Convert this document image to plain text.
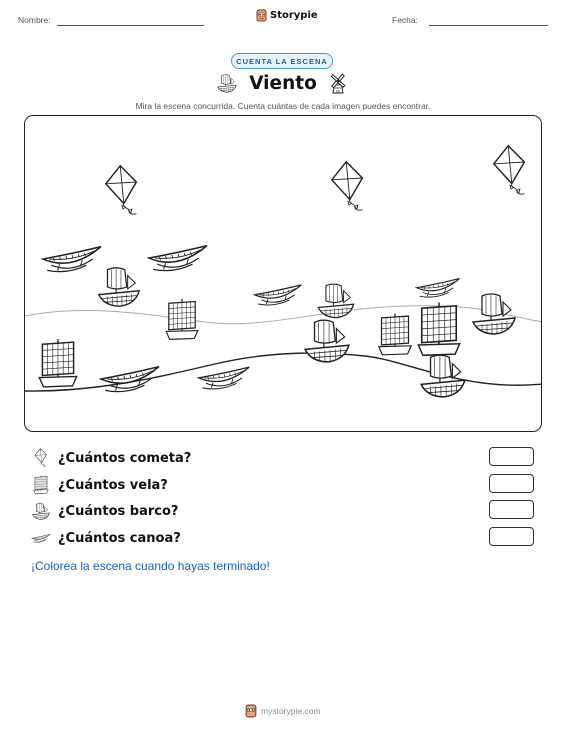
Nombre:	Storypie	Fecha:
CUENTA LA ESCENA
Viento
Mira la escena concurrida. Cuenta cuántas de cada imagen puedes encontrar.
¿Cuántos cometa?
¿Cuántos vela?
¿Cuántos barco?
¿Cuántos canoa?
¡Colorea la escena cuando hayas terminado!
mystorypie.com
